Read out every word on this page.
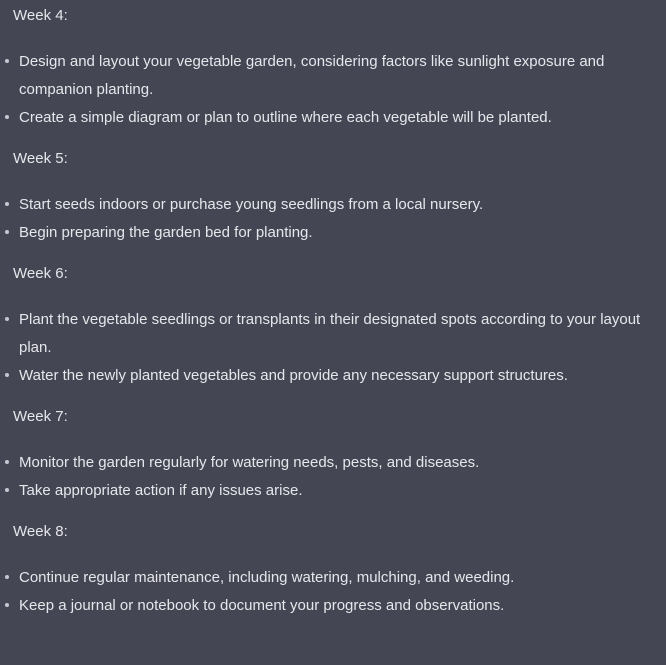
Week 4:

Design and layout your vegetable garden, considering factors like sunlight exposure and companion planting.
Create a simple diagram or plan to outline where each vegetable will be planted.

Week 5:

Start seeds indoors or purchase young seedlings from a local nursery.
Begin preparing the garden bed for planting.

Week 6:

Plant the vegetable seedlings or transplants in their designated spots according to your layout plan.
Water the newly planted vegetables and provide any necessary support structures.

Week 7:

Monitor the garden regularly for watering needs, pests, and diseases.
Take appropriate action if any issues arise.

Week 8:

Continue regular maintenance, including watering, mulching, and weeding.
Keep a journal or notebook to document your progress and observations.
